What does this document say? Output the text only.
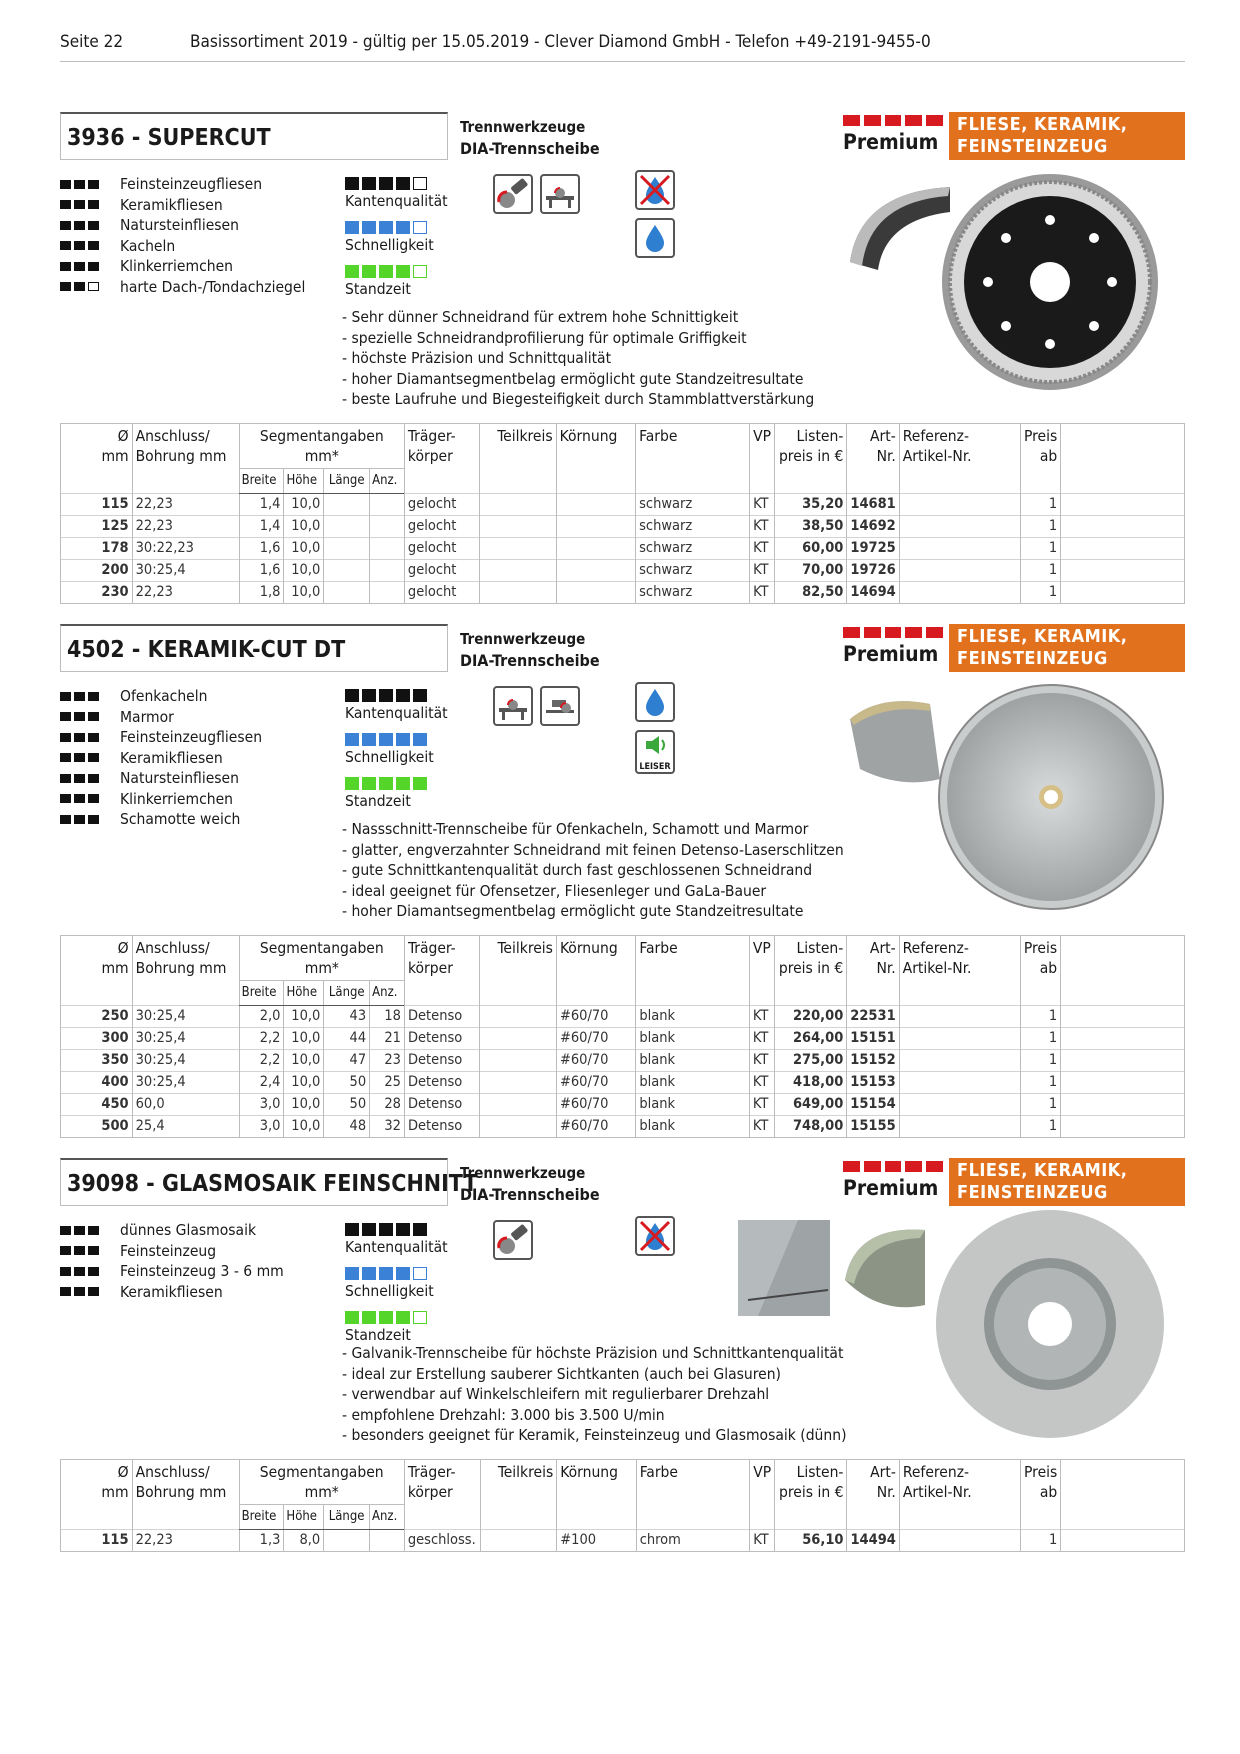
Seite 22	Basissortiment 2019 - gültig per 15.05.2019 - Clever Diamond GmbH - Telefon +49-2191-9455-0
3936 - SUPERCUT	Trennwerkzeuge
DIA-Trennscheibe	Premium
FLIESE, KERAMIK,
FEINSTEINZEUG
Feinsteinzeugfliesen
Keramikfliesen
Natursteinfliesen
Kacheln
Klinkerriemchen
harte Dach-/Tondachziegel
Kantenqualität
Schnelligkeit
Standzeit
- Sehr dünner Schneidrand für extrem hohe Schnittigkeit
- spezielle Schneidrandprofilierung für optimale Griffigkeit
- höchste Präzision und Schnittqualität
- hoher Diamantsegmentbelag ermöglicht gute Standzeitresultate
- beste Laufruhe und Biegesteifigkeit durch Stammblattverstärkung
Ø
mm	Anschluss/
Bohrung mm	Segmentangaben mm*				Träger-
körper	Teilkreis	Körnung	Farbe	VP	Listen-
preis in €	Art-
Nr.	Referenz-
Artikel-Nr.	Preis
ab	
		Breite	Höhe	Länge	Anz.										
115	22,23	1,4	10,0			gelocht			schwarz	KT	35,20	14681		1	
125	22,23	1,4	10,0			gelocht			schwarz	KT	38,50	14692		1	
178	30:22,23	1,6	10,0			gelocht			schwarz	KT	60,00	19725		1	
200	30:25,4	1,6	10,0			gelocht			schwarz	KT	70,00	19726		1	
230	22,23	1,8	10,0			gelocht			schwarz	KT	82,50	14694		1	
4502 - KERAMIK-CUT DT	Trennwerkzeuge
DIA-Trennscheibe	Premium
FLIESE, KERAMIK,
FEINSTEINZEUG
Ofenkacheln
Marmor
Feinsteinzeugfliesen
Keramikfliesen
Natursteinfliesen
Klinkerriemchen
Schamotte weich
Kantenqualität
Schnelligkeit
Standzeit
LEISER
- Nassschnitt-Trennscheibe für Ofenkacheln, Schamott und Marmor
- glatter, engverzahnter Schneidrand mit feinen Detenso-Laserschlitzen
- gute Schnittkantenqualität durch fast geschlossenen Schneidrand
- ideal geeignet für Ofensetzer, Fliesenleger und GaLa-Bauer
- hoher Diamantsegmentbelag ermöglicht gute Standzeitresultate
Ø
mm	Anschluss/
Bohrung mm	Segmentangaben mm*				Träger-
körper	Teilkreis	Körnung	Farbe	VP	Listen-
preis in €	Art-
Nr.	Referenz-
Artikel-Nr.	Preis
ab	
		Breite	Höhe	Länge	Anz.										
250	30:25,4	2,0	10,0	43	18	Detenso		#60/70	blank	KT	220,00	22531		1	
300	30:25,4	2,2	10,0	44	21	Detenso		#60/70	blank	KT	264,00	15151		1	
350	30:25,4	2,2	10,0	47	23	Detenso		#60/70	blank	KT	275,00	15152		1	
400	30:25,4	2,4	10,0	50	25	Detenso		#60/70	blank	KT	418,00	15153		1	
450	60,0	3,0	10,0	50	28	Detenso		#60/70	blank	KT	649,00	15154		1	
500	25,4	3,0	10,0	48	32	Detenso		#60/70	blank	KT	748,00	15155		1	
39098 - GLASMOSAIK FEINSCHNITT
Trennwerkzeuge
DIA-Trennscheibe	Premium
FLIESE, KERAMIK,
FEINSTEINZEUG
dünnes Glasmosaik
Feinsteinzeug
Feinsteinzeug 3 - 6 mm
Keramikfliesen
Kantenqualität
Schnelligkeit
Standzeit
- Galvanik-Trennscheibe für höchste Präzision und Schnittkantenqualität
- ideal zur Erstellung sauberer Sichtkanten (auch bei Glasuren)
- verwendbar auf Winkelschleifern mit regulierbarer Drehzahl
- empfohlene Drehzahl: 3.000 bis 3.500 U/min
- besonders geeignet für Keramik, Feinsteinzeug und Glasmosaik (dünn)
Ø
mm	Anschluss/
Bohrung mm	Segmentangaben mm*				Träger-
körper	Teilkreis	Körnung	Farbe	VP	Listen-
preis in €	Art-
Nr.	Referenz-
Artikel-Nr.	Preis
ab	
		Breite	Höhe	Länge	Anz.										
115	22,23	1,3	8,0			geschloss.		#100	chrom	KT	56,10	14494		1	
